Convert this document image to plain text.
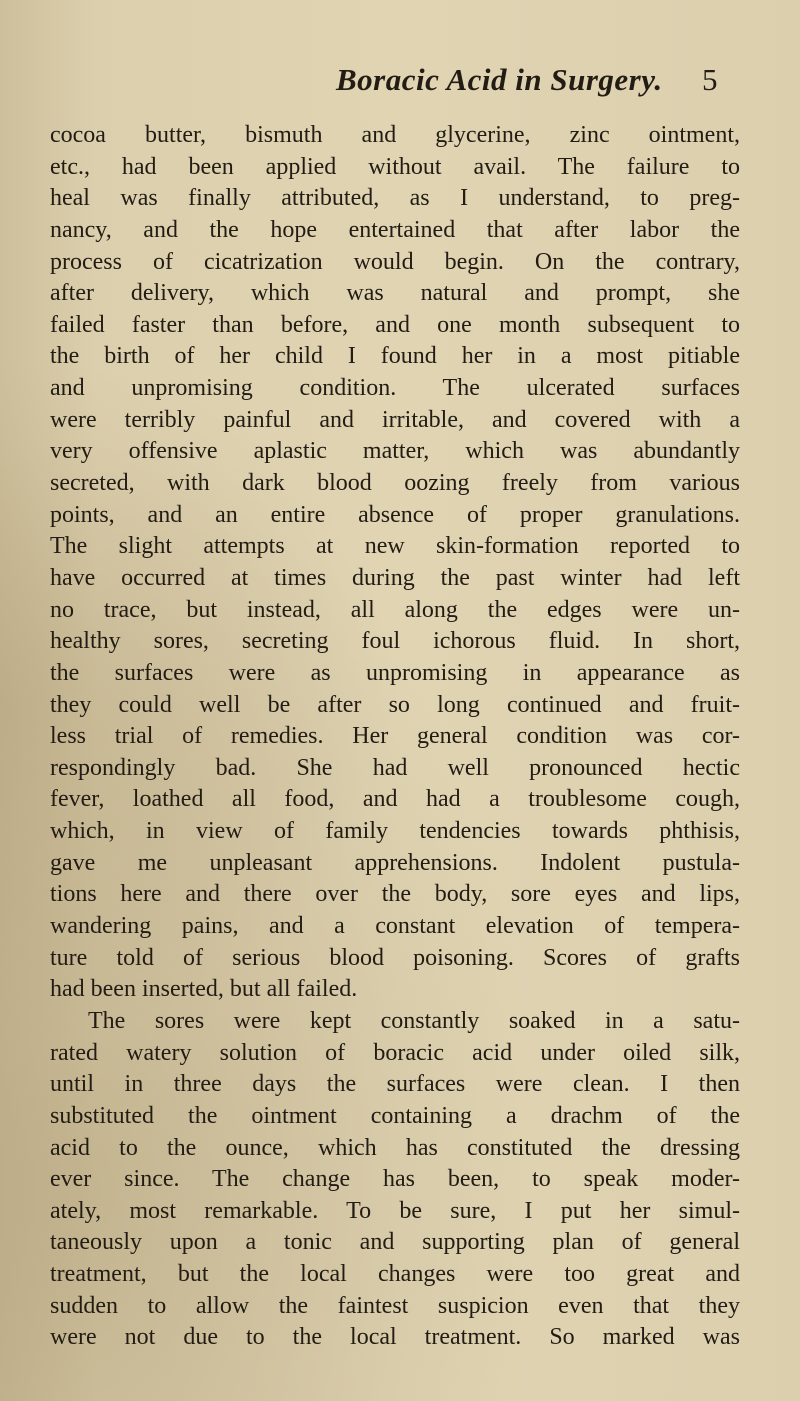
Boracic Acid in Surgery. 5
cocoa butter, bismuth and glycerine, zinc ointment,
etc., had been applied without avail. The failure to
heal was finally attributed, as I understand, to preg-
nancy, and the hope entertained that after labor the
process of cicatrization would begin. On the contrary,
after delivery, which was natural and prompt, she
failed faster than before, and one month subsequent to
the birth of her child I found her in a most pitiable
and unpromising condition. The ulcerated surfaces
were terribly painful and irritable, and covered with a
very offensive aplastic matter, which was abundantly
secreted, with dark blood oozing freely from various
points, and an entire absence of proper granulations.
The slight attempts at new skin-formation reported to
have occurred at times during the past winter had left
no trace, but instead, all along the edges were un-
healthy sores, secreting foul ichorous fluid. In short,
the surfaces were as unpromising in appearance as
they could well be after so long continued and fruit-
less trial of remedies. Her general condition was cor-
respondingly bad. She had well pronounced hectic
fever, loathed all food, and had a troublesome cough,
which, in view of family tendencies towards phthisis,
gave me unpleasant apprehensions. Indolent pustula-
tions here and there over the body, sore eyes and lips,
wandering pains, and a constant elevation of tempera-
ture told of serious blood poisoning. Scores of grafts
had been inserted, but all failed.
The sores were kept constantly soaked in a satu-
rated watery solution of boracic acid under oiled silk,
until in three days the surfaces were clean. I then
substituted the ointment containing a drachm of the
acid to the ounce, which has constituted the dressing
ever since. The change has been, to speak moder-
ately, most remarkable. To be sure, I put her simul-
taneously upon a tonic and supporting plan of general
treatment, but the local changes were too great and
sudden to allow the faintest suspicion even that they
were not due to the local treatment. So marked was
